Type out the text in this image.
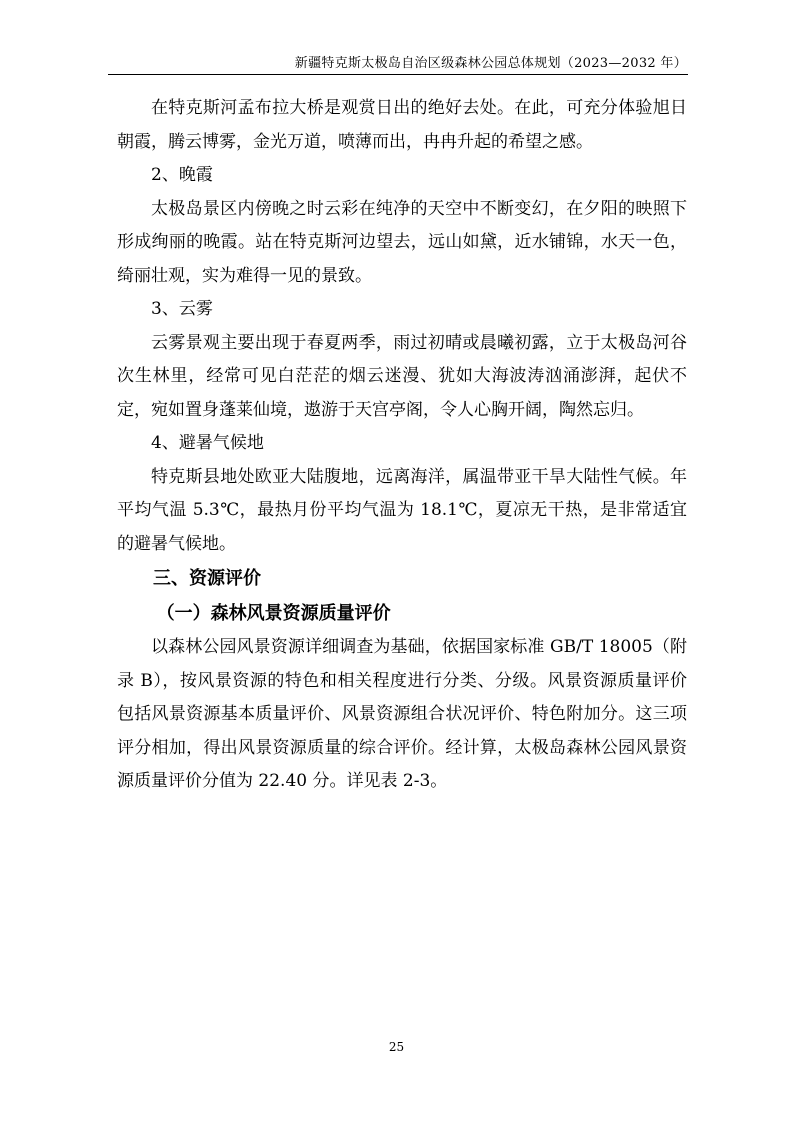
新疆特克斯太极岛自治区级森林公园总体规划（2023—2032 年）

在特克斯河孟布拉大桥是观赏日出的绝好去处。在此，可充分体验旭日朝霞，腾云博雾，金光万道，喷薄而出，冉冉升起的希望之感。

2、晚霞

太极岛景区内傍晚之时云彩在纯净的天空中不断变幻，在夕阳的映照下形成绚丽的晚霞。站在特克斯河边望去，远山如黛，近水铺锦，水天一色，绮丽壮观，实为难得一见的景致。

3、云雾

云雾景观主要出现于春夏两季，雨过初晴或晨曦初露，立于太极岛河谷次生林里，经常可见白茫茫的烟云迷漫、犹如大海波涛汹涌澎湃，起伏不定，宛如置身蓬莱仙境，遨游于天宫亭阁，令人心胸开阔，陶然忘归。

4、避暑气候地

特克斯县地处欧亚大陆腹地，远离海洋，属温带亚干旱大陆性气候。年平均气温 5.3℃，最热月份平均气温为 18.1℃，夏凉无干热，是非常适宜的避暑气候地。

三、资源评价

（一）森林风景资源质量评价

以森林公园风景资源详细调查为基础，依据国家标准 GB/T 18005（附录 B），按风景资源的特色和相关程度进行分类、分级。风景资源质量评价包括风景资源基本质量评价、风景资源组合状况评价、特色附加分。这三项评分相加，得出风景资源质量的综合评价。经计算，太极岛森林公园风景资源质量评价分值为 22.40 分。详见表 2-3。

25
